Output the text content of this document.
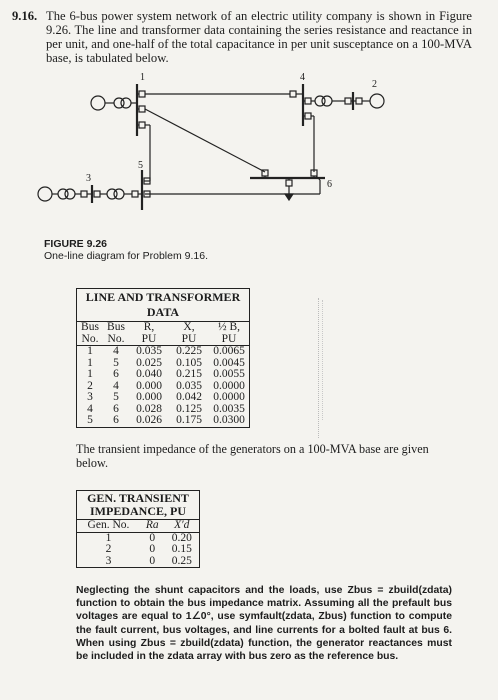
9.16. The 6-bus power system network of an electric utility company is shown in Figure 9.26. The line and transformer data containing the series resistance and reactance in per unit, and one-half of the total capacitance in per unit susceptance on a 100-MVA base, is tabulated below.
1
2
3
4
5
6
FIGURE 9.26
One-line diagram for Problem 9.16.
LINE AND TRANSFORMER DATA
Bus	Bus	R,	X,	½ B,
No.	No.	PU	PU	PU
1	4	0.035	0.225	0.0065
1	5	0.025	0.105	0.0045
1	6	0.040	0.215	0.0055
2	4	0.000	0.035	0.0000
3	5	0.000	0.042	0.0000
4	6	0.028	0.125	0.0035
5	6	0.026	0.175	0.0300
The transient impedance of the generators on a 100-MVA base are given below.
GEN. TRANSIENT
IMPEDANCE, PU
Gen. No.	Ra	X′d
1	0	0.20
2	0	0.15
3	0	0.25
Neglecting the shunt capacitors and the loads, use Zbus = zbuild(zdata) function to obtain the bus impedance matrix. Assuming all the prefault bus voltages are equal to 1∠0°, use symfault(zdata, Zbus) function to compute the fault current, bus voltages, and line currents for a bolted fault at bus 6. When using Zbus = zbuild(zdata) function, the generator reactances must be included in the zdata array with bus zero as the reference bus.
